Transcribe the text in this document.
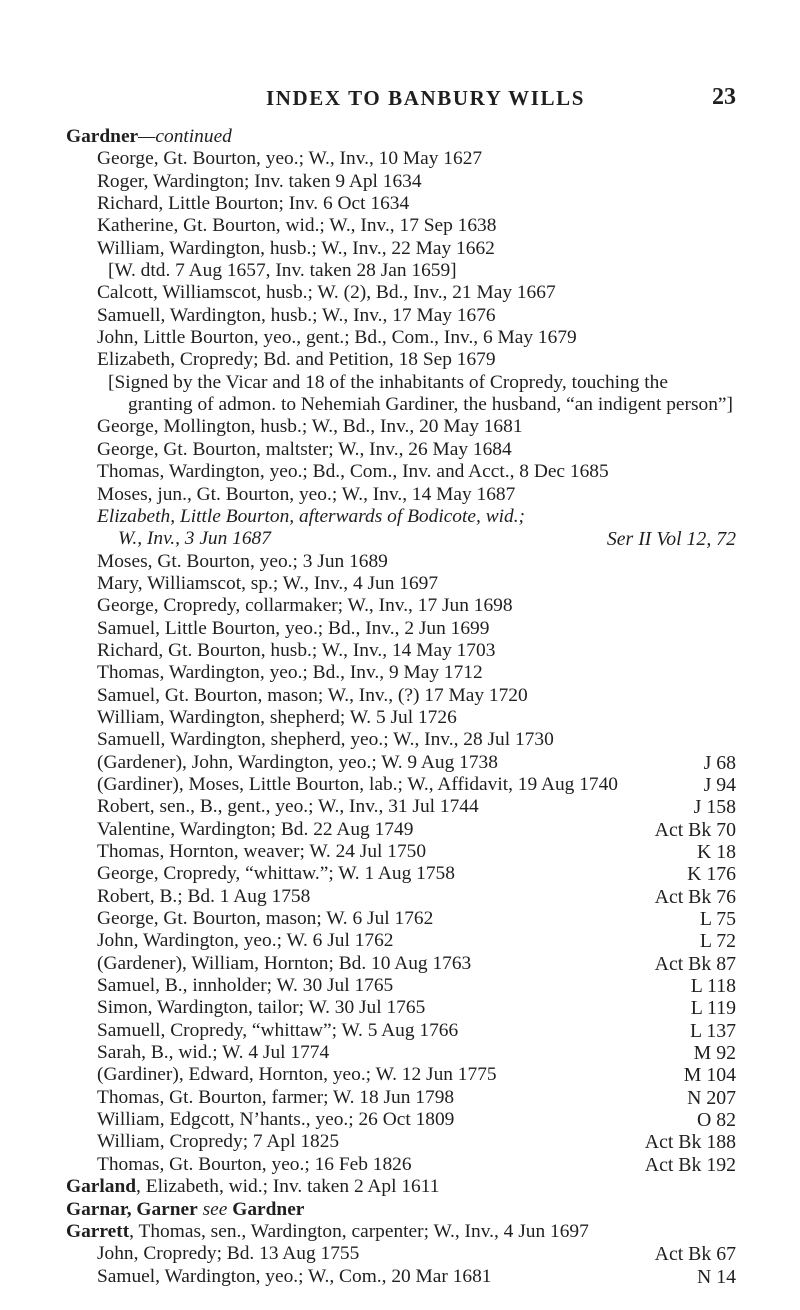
INDEX TO BANBURY WILLS	23
Gardner—continued
George, Gt. Bourton, yeo.; W., Inv., 10 May 1627
Roger, Wardington; Inv. taken 9 Apl 1634
Richard, Little Bourton; Inv. 6 Oct 1634
Katherine, Gt. Bourton, wid.; W., Inv., 17 Sep 1638
William, Wardington, husb.; W., Inv., 22 May 1662
[W. dtd. 7 Aug 1657, Inv. taken 28 Jan 1659]
Calcott, Williamscot, husb.; W. (2), Bd., Inv., 21 May 1667
Samuell, Wardington, husb.; W., Inv., 17 May 1676
John, Little Bourton, yeo., gent.; Bd., Com., Inv., 6 May 1679
Elizabeth, Cropredy; Bd. and Petition, 18 Sep 1679
[Signed by the Vicar and 18 of the inhabitants of Cropredy, touching the
granting of admon. to Nehemiah Gardiner, the husband, “an indigent person”]
George, Mollington, husb.; W., Bd., Inv., 20 May 1681
George, Gt. Bourton, maltster; W., Inv., 26 May 1684
Thomas, Wardington, yeo.; Bd., Com., Inv. and Acct., 8 Dec 1685
Moses, jun., Gt. Bourton, yeo.; W., Inv., 14 May 1687
Elizabeth, Little Bourton, afterwards of Bodicote, wid.;
W., Inv., 3 Jun 1687	Ser II Vol 12, 72
Moses, Gt. Bourton, yeo.; 3 Jun 1689
Mary, Williamscot, sp.; W., Inv., 4 Jun 1697
George, Cropredy, collarmaker; W., Inv., 17 Jun 1698
Samuel, Little Bourton, yeo.; Bd., Inv., 2 Jun 1699
Richard, Gt. Bourton, husb.; W., Inv., 14 May 1703
Thomas, Wardington, yeo.; Bd., Inv., 9 May 1712
Samuel, Gt. Bourton, mason; W., Inv., (?) 17 May 1720
William, Wardington, shepherd; W. 5 Jul 1726
Samuell, Wardington, shepherd, yeo.; W., Inv., 28 Jul 1730
(Gardener), John, Wardington, yeo.; W. 9 Aug 1738	J 68
(Gardiner), Moses, Little Bourton, lab.; W., Affidavit, 19 Aug 1740	J 94
Robert, sen., B., gent., yeo.; W., Inv., 31 Jul 1744	J 158
Valentine, Wardington; Bd. 22 Aug 1749	Act Bk 70
Thomas, Hornton, weaver; W. 24 Jul 1750	K 18
George, Cropredy, “whittaw.”; W. 1 Aug 1758	K 176
Robert, B.; Bd. 1 Aug 1758	Act Bk 76
George, Gt. Bourton, mason; W. 6 Jul 1762	L 75
John, Wardington, yeo.; W. 6 Jul 1762	L 72
(Gardener), William, Hornton; Bd. 10 Aug 1763	Act Bk 87
Samuel, B., innholder; W. 30 Jul 1765	L 118
Simon, Wardington, tailor; W. 30 Jul 1765	L 119
Samuell, Cropredy, “whittaw”; W. 5 Aug 1766	L 137
Sarah, B., wid.; W. 4 Jul 1774	M 92
(Gardiner), Edward, Hornton, yeo.; W. 12 Jun 1775	M 104
Thomas, Gt. Bourton, farmer; W. 18 Jun 1798	N 207
William, Edgcott, N’hants., yeo.; 26 Oct 1809	O 82
William, Cropredy; 7 Apl 1825	Act Bk 188
Thomas, Gt. Bourton, yeo.; 16 Feb 1826	Act Bk 192
Garland, Elizabeth, wid.; Inv. taken 2 Apl 1611
Garnar, Garner see Gardner
Garrett, Thomas, sen., Wardington, carpenter; W., Inv., 4 Jun 1697
John, Cropredy; Bd. 13 Aug 1755	Act Bk 67
Samuel, Wardington, yeo.; W., Com., 20 Mar 1681	N 14
